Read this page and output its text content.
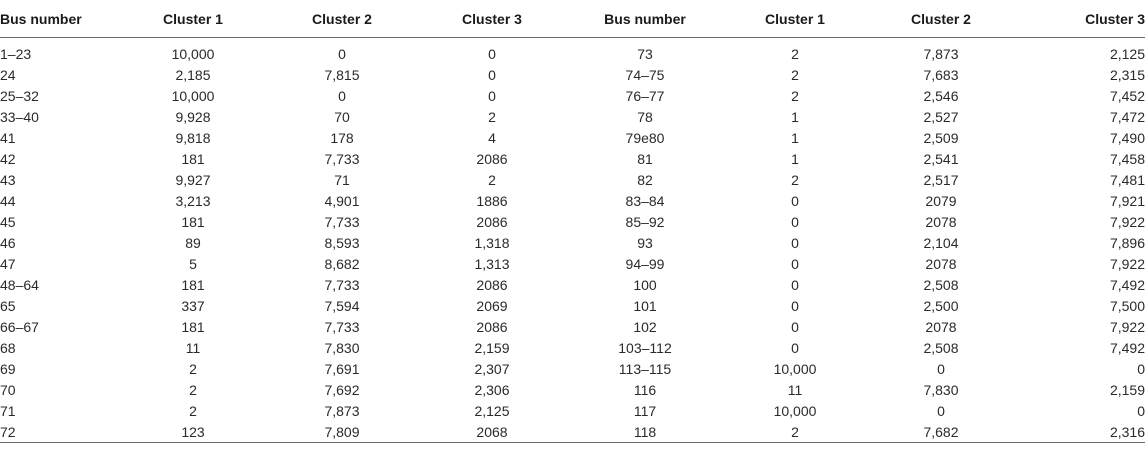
Bus number	Cluster 1	Cluster 2	Cluster 3	Bus number	Cluster 1	Cluster 2	Cluster 3
1–23	10,000	0	0	73	2	7,873	2,125
24	2,185	7,815	0	74–75	2	7,683	2,315
25–32	10,000	0	0	76–77	2	2,546	7,452
33–40	9,928	70	2	78	1	2,527	7,472
41	9,818	178	4	79e80	1	2,509	7,490
42	181	7,733	2086	81	1	2,541	7,458
43	9,927	71	2	82	2	2,517	7,481
44	3,213	4,901	1886	83–84	0	2079	7,921
45	181	7,733	2086	85–92	0	2078	7,922
46	89	8,593	1,318	93	0	2,104	7,896
47	5	8,682	1,313	94–99	0	2078	7,922
48–64	181	7,733	2086	100	0	2,508	7,492
65	337	7,594	2069	101	0	2,500	7,500
66–67	181	7,733	2086	102	0	2078	7,922
68	11	7,830	2,159	103–112	0	2,508	7,492
69	2	7,691	2,307	113–115	10,000	0	0
70	2	7,692	2,306	116	11	7,830	2,159
71	2	7,873	2,125	117	10,000	0	0
72	123	7,809	2068	118	2	7,682	2,316
